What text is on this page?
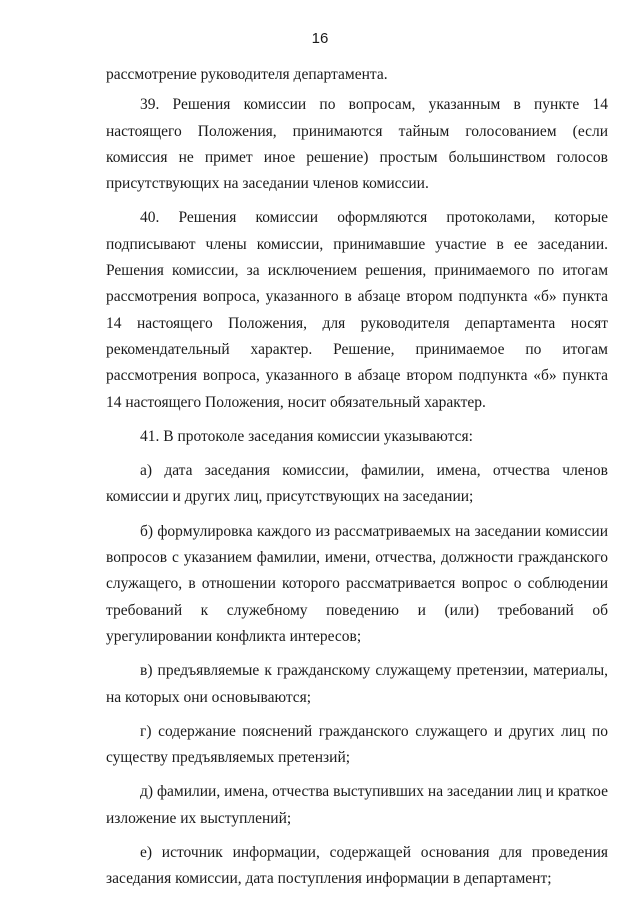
16

рассмотрение руководителя департамента.

39. Решения комиссии по вопросам, указанным в пункте 14 настоящего Положения, принимаются тайным голосованием (если комиссия не примет иное решение) простым большинством голосов присутствующих на заседании членов комиссии.

40. Решения комиссии оформляются протоколами, которые подписывают члены комиссии, принимавшие участие в ее заседании. Решения комиссии, за исключением решения, принимаемого по итогам рассмотрения вопроса, указанного в абзаце втором подпункта «б» пункта 14 настоящего Положения, для руководителя департамента носят рекомендательный характер. Решение, принимаемое по итогам рассмотрения вопроса, указанного в абзаце втором подпункта «б» пункта 14 настоящего Положения, носит обязательный характер.

41. В протоколе заседания комиссии указываются:

а) дата заседания комиссии, фамилии, имена, отчества членов комиссии и других лиц, присутствующих на заседании;

б) формулировка каждого из рассматриваемых на заседании комиссии вопросов с указанием фамилии, имени, отчества, должности гражданского служащего, в отношении которого рассматривается вопрос о соблюдении требований к служебному поведению и (или) требований об урегулировании конфликта интересов;

в) предъявляемые к гражданскому служащему претензии, материалы, на которых они основываются;

г) содержание пояснений гражданского служащего и других лиц по существу предъявляемых претензий;

д) фамилии, имена, отчества выступивших на заседании лиц и краткое изложение их выступлений;

е) источник информации, содержащей основания для проведения заседания комиссии, дата поступления информации в департамент;
